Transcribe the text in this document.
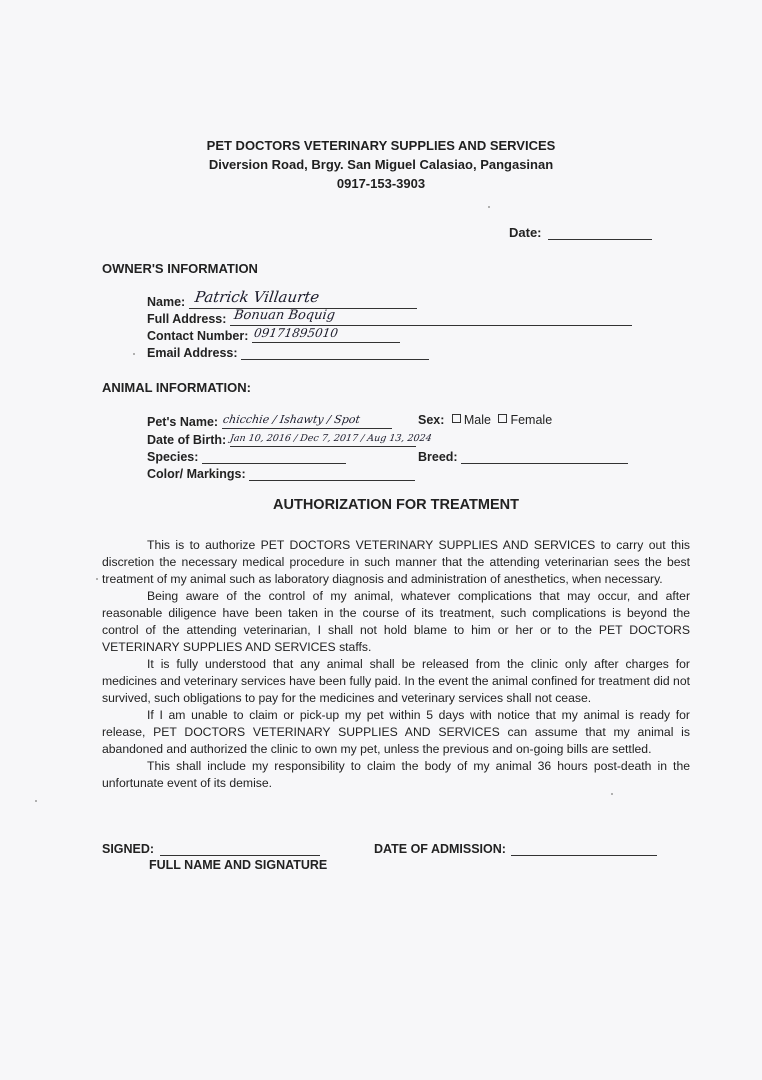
PET DOCTORS VETERINARY SUPPLIES AND SERVICES
Diversion Road, Brgy. San Miguel Calasiao, Pangasinan
0917-153-3903
Date:
OWNER'S INFORMATION
Name: Patrick Villaurte
Full Address: Bonuan Boquig
Contact Number: 09171895010
Email Address:
ANIMAL INFORMATION:
Pet's Name: chicchie / Ishawty / Spot	Sex: Male Female
Date of Birth: Jan 10, 2016 / Dec 7, 2017 / Aug 13, 2024
Species:	Breed:
Color/ Markings:
AUTHORIZATION FOR TREATMENT

This is to authorize PET DOCTORS VETERINARY SUPPLIES AND SERVICES to carry out this discretion the necessary medical procedure in such manner that the attending veterinarian sees the best treatment of my animal such as laboratory diagnosis and administration of anesthetics, when necessary.

Being aware of the control of my animal, whatever complications that may occur, and after reasonable diligence have been taken in the course of its treatment, such complications is beyond the control of the attending veterinarian, I shall not hold blame to him or her or to the PET DOCTORS VETERINARY SUPPLIES AND SERVICES staffs.

It is fully understood that any animal shall be released from the clinic only after charges for medicines and veterinary services have been fully paid. In the event the animal confined for treatment did not survived, such obligations to pay for the medicines and veterinary services shall not cease.

If I am unable to claim or pick-up my pet within 5 days with notice that my animal is ready for release, PET DOCTORS VETERINARY SUPPLIES AND SERVICES can assume that my animal is abandoned and authorized the clinic to own my pet, unless the previous and on-going bills are settled.

This shall include my responsibility to claim the body of my animal 36 hours post-death in the unfortunate event of its demise.

SIGNED:
FULL NAME AND SIGNATURE
DATE OF ADMISSION:
